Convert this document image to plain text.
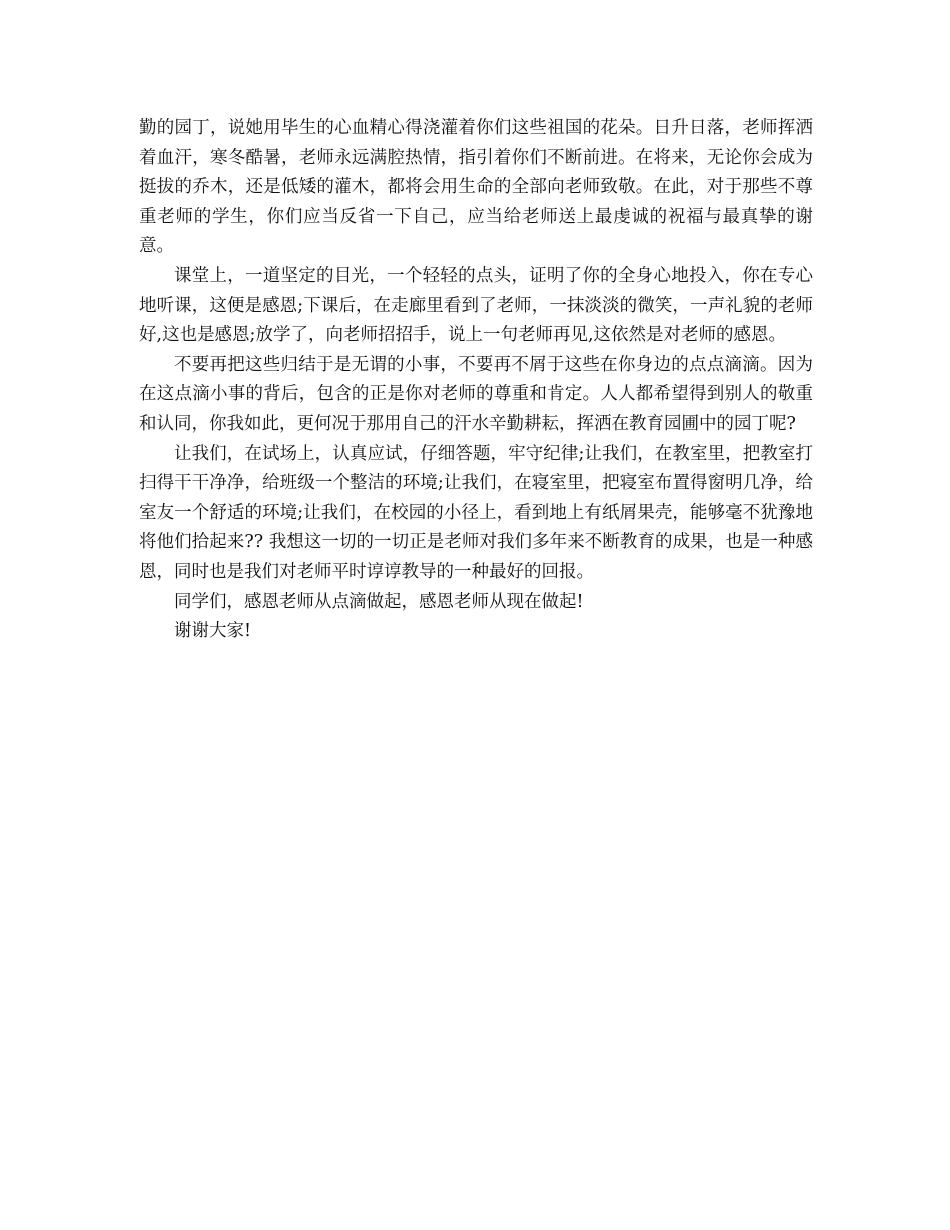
勤的园丁，说她用毕生的心血精心得浇灌着你们这些祖国的花朵。日升日落，老师挥洒着血汗，寒冬酷暑，老师永远满腔热情，指引着你们不断前进。在将来，无论你会成为挺拔的乔木，还是低矮的灌木，都将会用生命的全部向老师致敬。在此，对于那些不尊重老师的学生，你们应当反省一下自己，应当给老师送上最虔诚的祝福与最真挚的谢意。

课堂上，一道坚定的目光，一个轻轻的点头，证明了你的全身心地投入，你在专心地听课，这便是感恩;下课后，在走廊里看到了老师，一抹淡淡的微笑，一声礼貌的老师好,这也是感恩;放学了，向老师招招手，说上一句老师再见,这依然是对老师的感恩。

不要再把这些归结于是无谓的小事，不要再不屑于这些在你身边的点点滴滴。因为在这点滴小事的背后，包含的正是你对老师的尊重和肯定。人人都希望得到别人的敬重和认同，你我如此，更何况于那用自己的汗水辛勤耕耘，挥洒在教育园圃中的园丁呢?

让我们，在试场上，认真应试，仔细答题，牢守纪律;让我们，在教室里，把教室打扫得干干净净，给班级一个整洁的环境;让我们，在寝室里，把寝室布置得窗明几净，给室友一个舒适的环境;让我们，在校园的小径上，看到地上有纸屑果壳，能够毫不犹豫地将他们拾起来?? 我想这一切的一切正是老师对我们多年来不断教育的成果，也是一种感恩，同时也是我们对老师平时谆谆教导的一种最好的回报。

同学们，感恩老师从点滴做起，感恩老师从现在做起!

谢谢大家!
